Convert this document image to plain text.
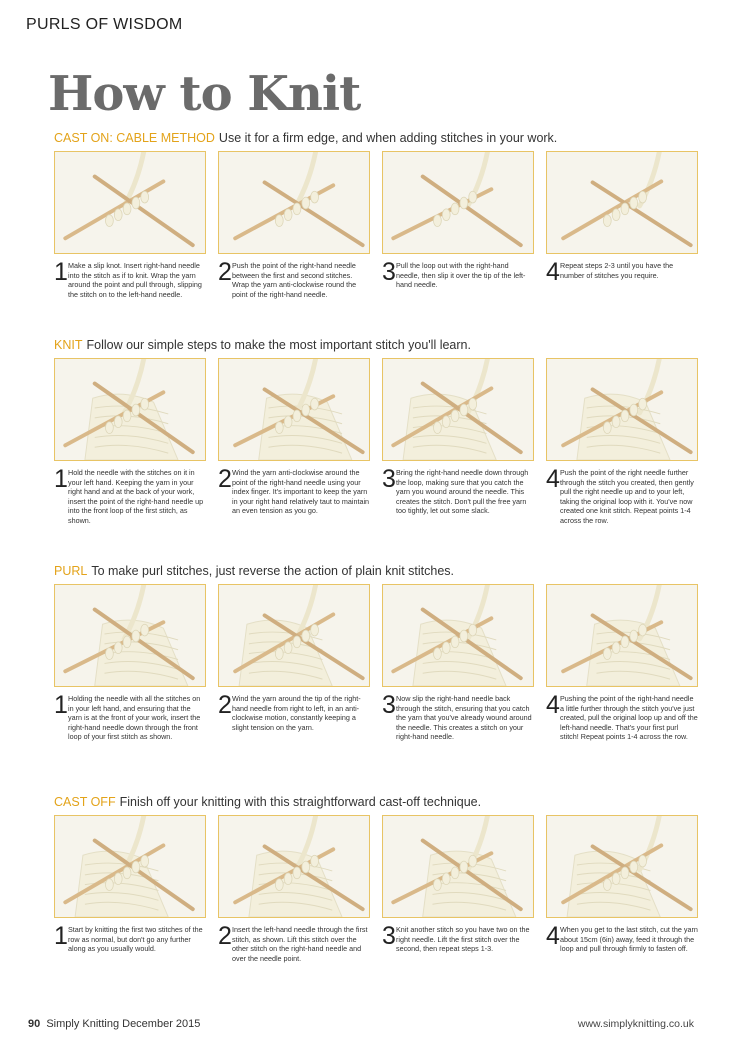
PURLS OF WISDOM
How to Knit
CAST ON: CABLE METHOD Use it for a firm edge, and when adding stitches in your work.
1 Make a slip knot. Insert right-hand needle into the stitch as if to knit. Wrap the yarn around the point and pull through, slipping the stitch on to the left-hand needle.
2 Push the point of the right-hand needle between the first and second stitches. Wrap the yarn anti-clockwise round the point of the right-hand needle.
3 Pull the loop out with the right-hand needle, then slip it over the tip of the left-hand needle.	4 Repeat steps 2-3 until you have the number of stitches you require.
KNIT Follow our simple steps to make the most important stitch you'll learn.
1 Hold the needle with the stitches on it in your left hand. Keeping the yarn in your right hand and at the back of your work, insert the point of the right-hand needle up into the front loop of the first stitch, as shown.
2 Wind the yarn anti-clockwise around the point of the right-hand needle using your index finger. It's important to keep the yarn in your right hand relatively taut to maintain an even tension as you go.
3 Bring the right-hand needle down through the loop, making sure that you catch the yarn you wound around the needle. This creates the stitch. Don't pull the free yarn too tightly, let out some slack.
4 Push the point of the right needle further through the stitch you created, then gently pull the right needle up and to your left, taking the original loop with it. You've now created one knit stitch. Repeat points 1-4 across the row.
PURL To make purl stitches, just reverse the action of plain knit stitches.
1 Holding the needle with all the stitches on in your left hand, and ensuring that the yarn is at the front of your work, insert the right-hand needle down through the front loop of your first stitch as shown.
2 Wind the yarn around the tip of the right-hand needle from right to left, in an anti-clockwise motion, constantly keeping a slight tension on the yarn.
3 Now slip the right-hand needle back through the stitch, ensuring that you catch the yarn that you've already wound around the needle. This creates a stitch on your right-hand needle.
4 Pushing the point of the right-hand needle a little further through the stitch you've just created, pull the original loop up and off the left-hand needle. That's your first purl stitch! Repeat points 1-4 across the row.
CAST OFF Finish off your knitting with this straightforward cast-off technique.
1 Start by knitting the first two stitches of the row as normal, but don't go any further along as you usually would.	2 Insert the left-hand needle through the first stitch, as shown. Lift this stitch over the other stitch on the right-hand needle and over the needle point.
3 Knit another stitch so you have two on the right needle. Lift the first stitch over the second, then repeat steps 1-3.	4 When you get to the last stitch, cut the yarn about 15cm (6in) away, feed it through the loop and pull through firmly to fasten off.
90 Simply Knitting December 2015	www.simplyknitting.co.uk
